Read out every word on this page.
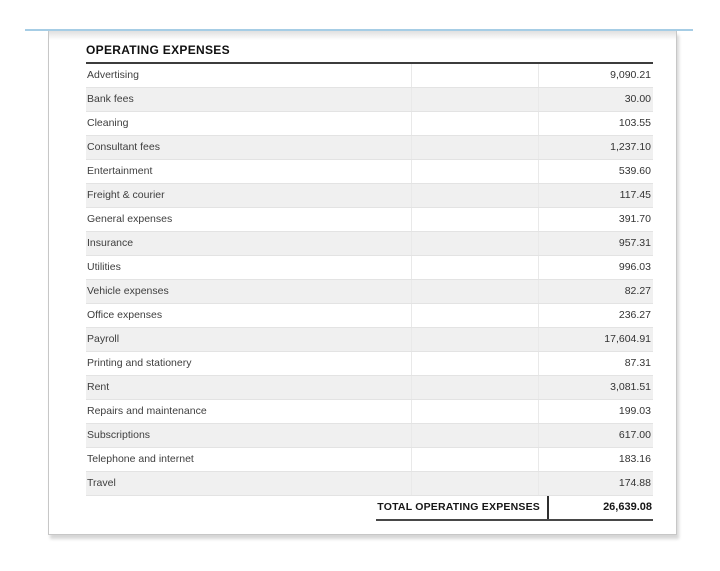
OPERATING EXPENSES
Advertising	9,090.21
Bank fees	30.00
Cleaning	103.55
Consultant fees	1,237.10
Entertainment	539.60
Freight & courier	117.45
General expenses	391.70
Insurance	957.31
Utilities	996.03
Vehicle expenses	82.27
Office expenses	236.27
Payroll	17,604.91
Printing and stationery	87.31
Rent	3,081.51
Repairs and maintenance	199.03
Subscriptions	617.00
Telephone and internet	183.16
Travel	174.88
TOTAL OPERATING EXPENSES	26,639.08
